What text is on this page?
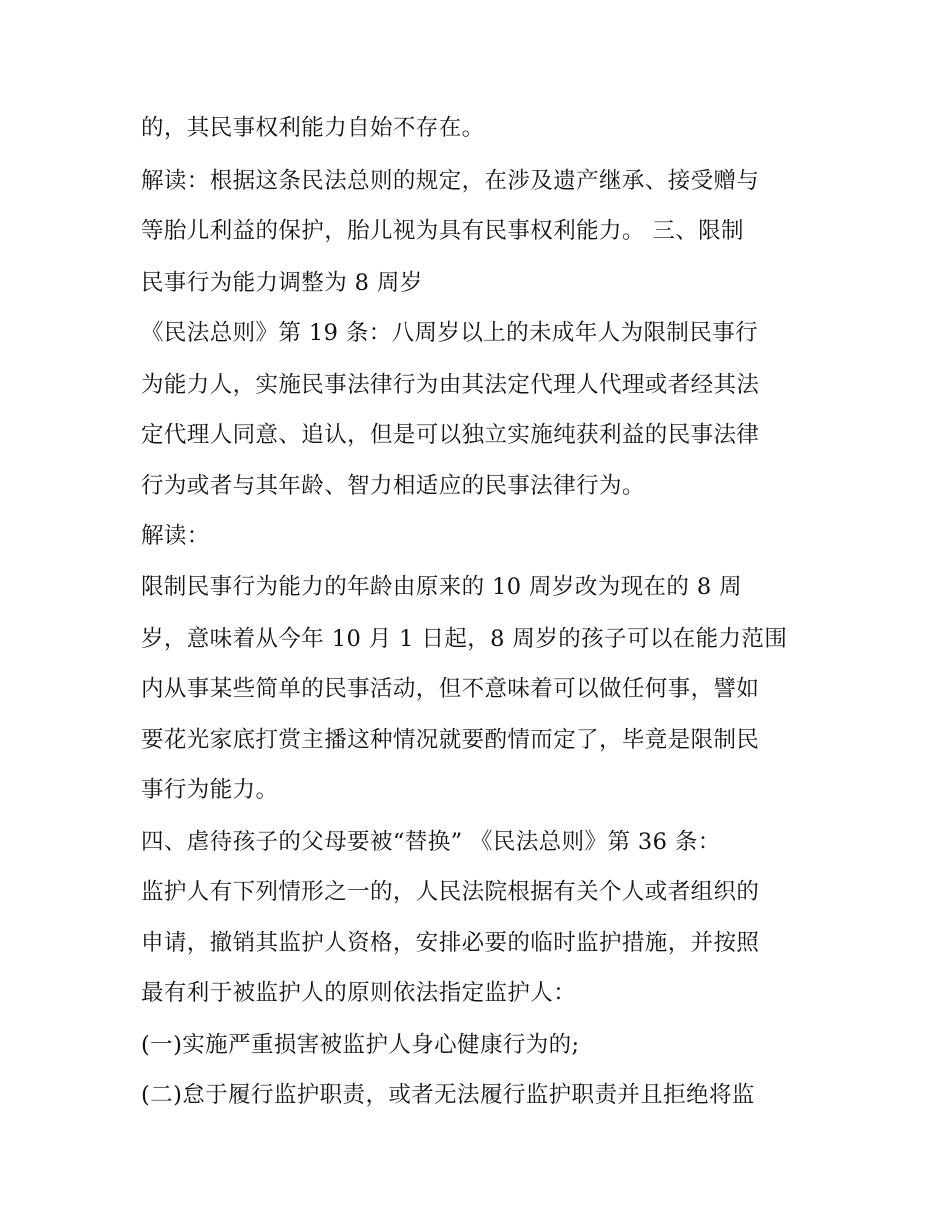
的，其民事权利能力自始不存在。
解读：根据这条民法总则的规定，在涉及遗产继承、接受赠与
等胎儿利益的保护，胎儿视为具有民事权利能力。 三、限制
民事行为能力调整为 8 周岁
《民法总则》第 19 条：八周岁以上的未成年人为限制民事行
为能力人，实施民事法律行为由其法定代理人代理或者经其法
定代理人同意、追认，但是可以独立实施纯获利益的民事法律
行为或者与其年龄、智力相适应的民事法律行为。
解读：
限制民事行为能力的年龄由原来的 10 周岁改为现在的 8 周
岁，意味着从今年 10 月 1 日起，8 周岁的孩子可以在能力范围
内从事某些简单的民事活动，但不意味着可以做任何事，譬如
要花光家底打赏主播这种情况就要酌情而定了，毕竟是限制民
事行为能力。
四、虐待孩子的父母要被“替换” 《民法总则》第 36 条：
监护人有下列情形之一的，人民法院根据有关个人或者组织的
申请，撤销其监护人资格，安排必要的临时监护措施，并按照
最有利于被监护人的原则依法指定监护人：
(一)实施严重损害被监护人身心健康行为的;
(二)怠于履行监护职责，或者无法履行监护职责并且拒绝将监
